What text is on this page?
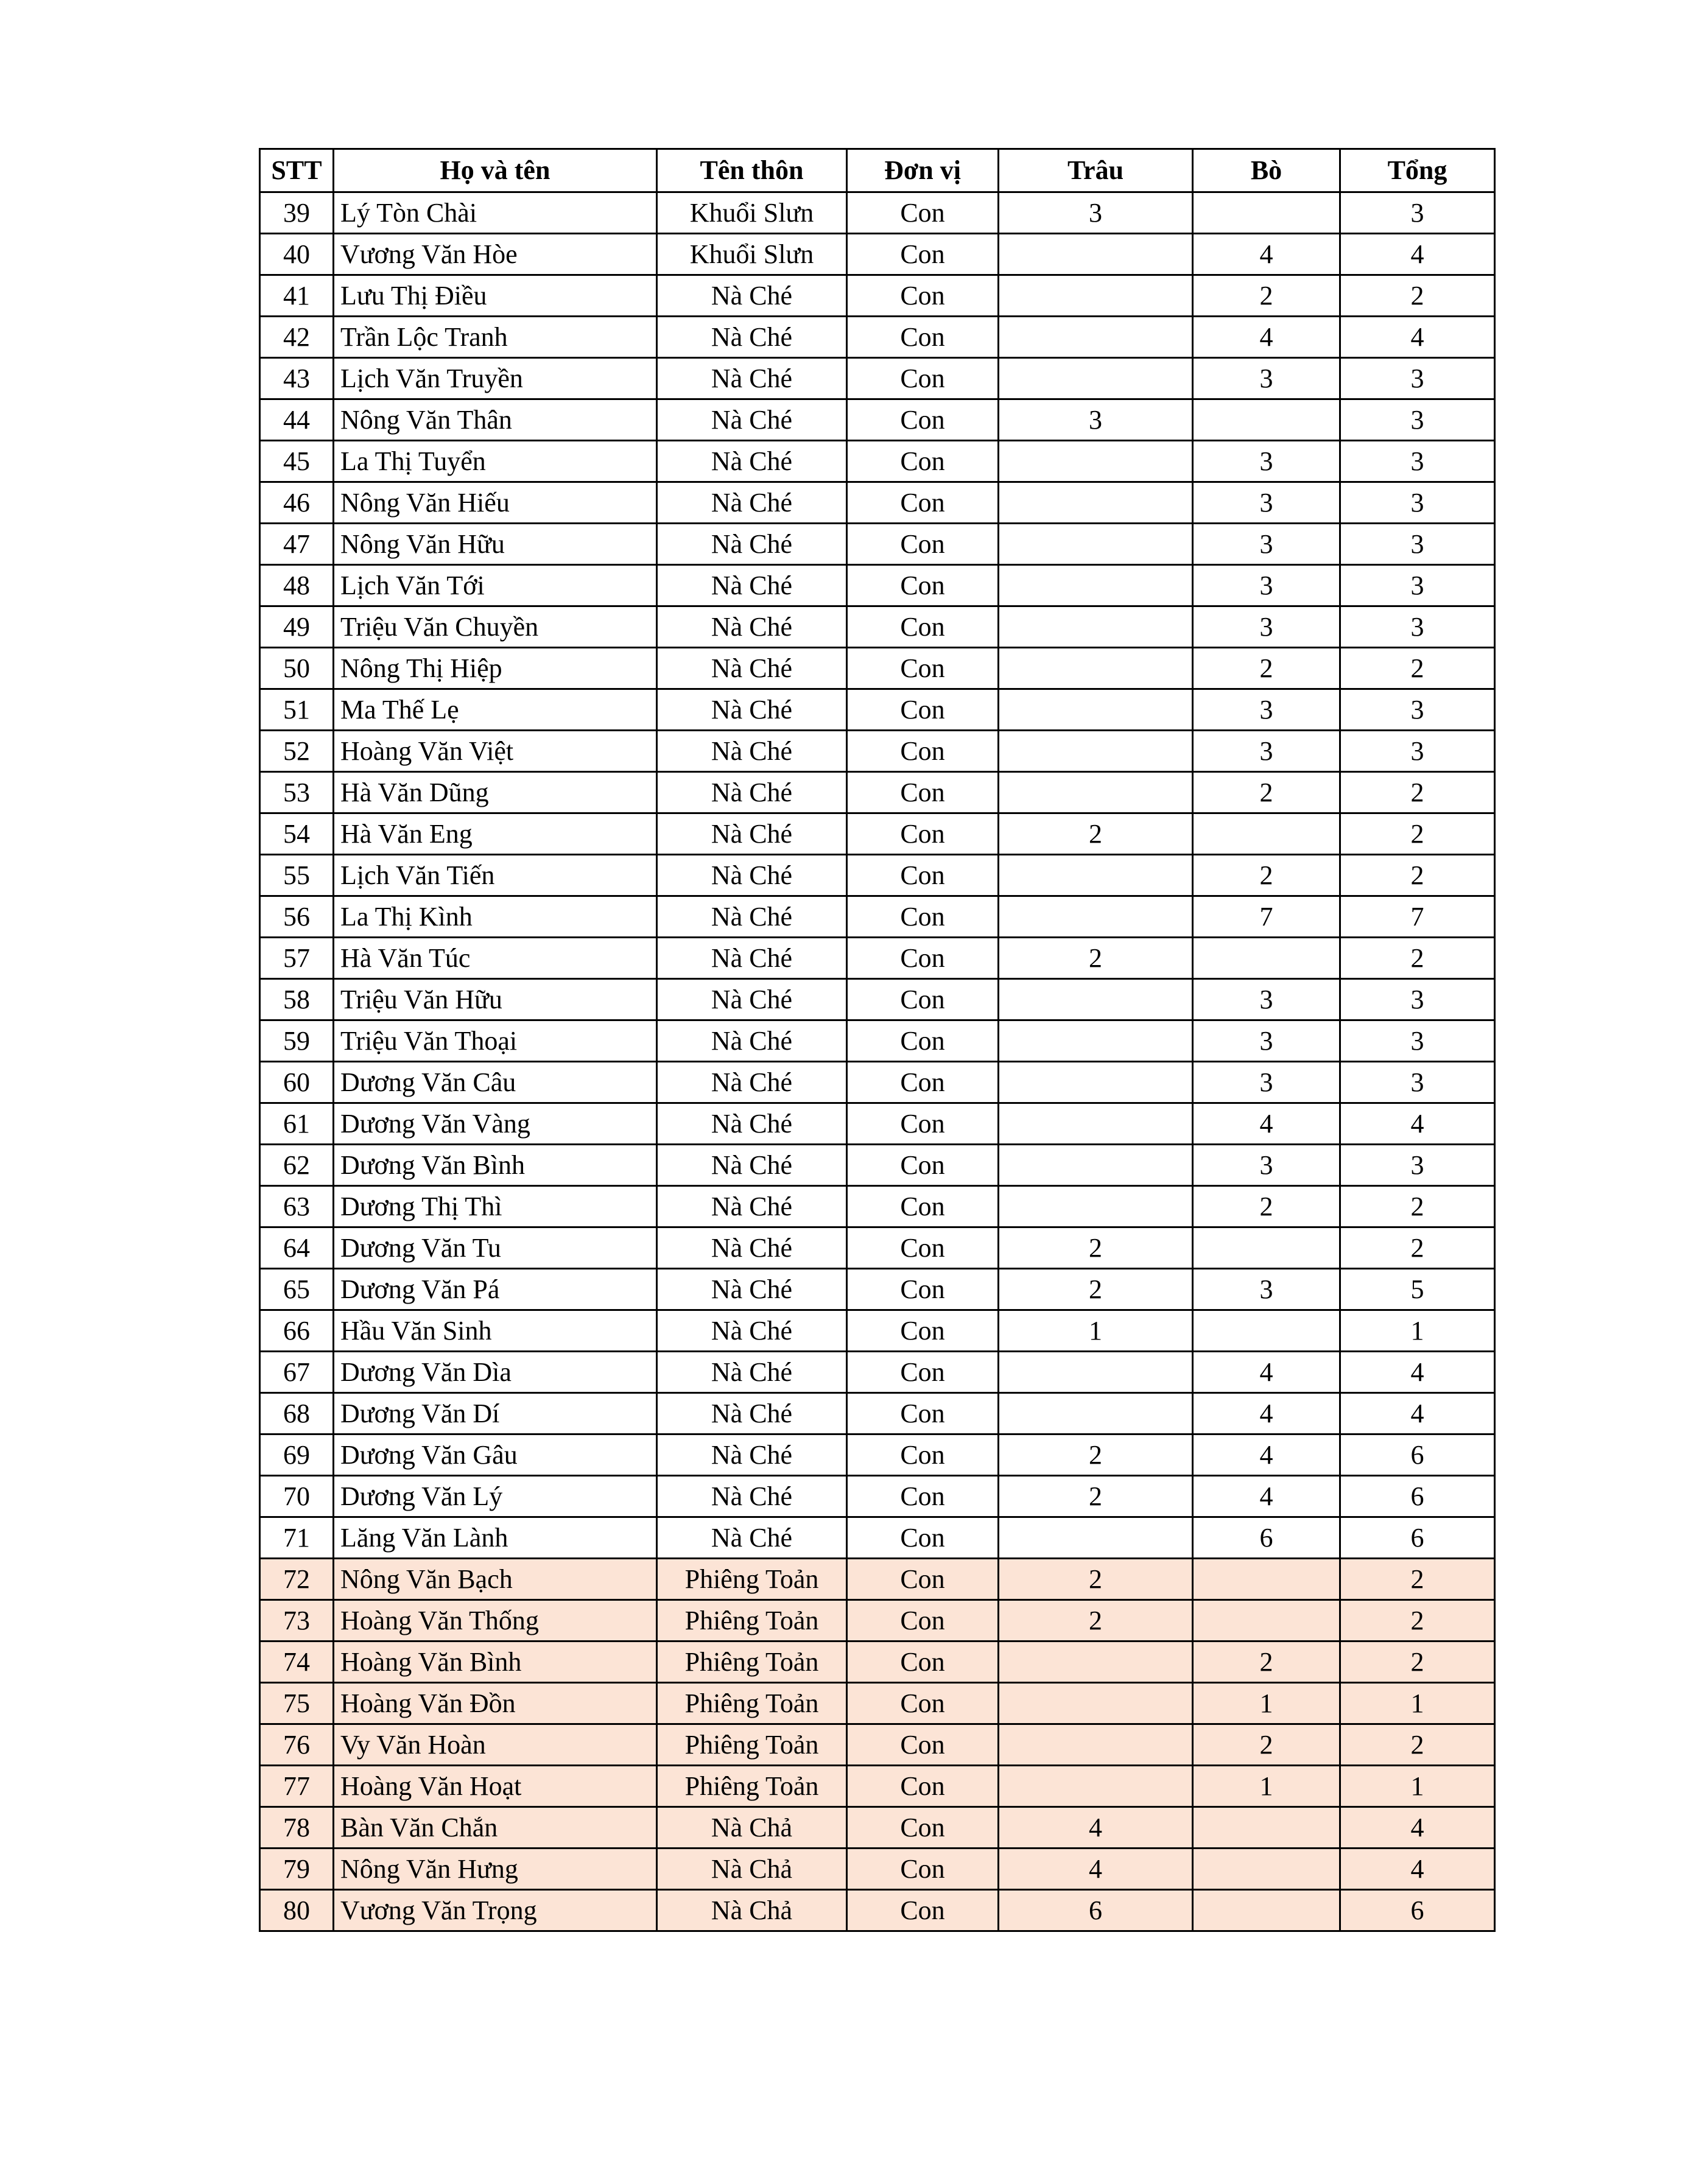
STT	Họ và tên	Tên thôn	Đơn vị	Trâu	Bò	Tổng
39	Lý Tòn Chài	Khuổi Slưn	Con	3		3
40	Vương Văn Hòe	Khuổi Slưn	Con		4	4
41	Lưu Thị Điều	Nà Ché	Con		2	2
42	Trần Lộc Tranh	Nà Ché	Con		4	4
43	Lịch Văn Truyền	Nà Ché	Con		3	3
44	Nông Văn Thân	Nà Ché	Con	3		3
45	La Thị Tuyển	Nà Ché	Con		3	3
46	Nông Văn Hiếu	Nà Ché	Con		3	3
47	Nông Văn Hữu	Nà Ché	Con		3	3
48	Lịch Văn Tới	Nà Ché	Con		3	3
49	Triệu Văn Chuyền	Nà Ché	Con		3	3
50	Nông Thị Hiệp	Nà Ché	Con		2	2
51	Ma Thế Lẹ	Nà Ché	Con		3	3
52	Hoàng Văn Việt	Nà Ché	Con		3	3
53	Hà Văn Dũng	Nà Ché	Con		2	2
54	Hà Văn Eng	Nà Ché	Con	2		2
55	Lịch Văn Tiến	Nà Ché	Con		2	2
56	La Thị Kình	Nà Ché	Con		7	7
57	Hà Văn Túc	Nà Ché	Con	2		2
58	Triệu Văn Hữu	Nà Ché	Con		3	3
59	Triệu Văn Thoại	Nà Ché	Con		3	3
60	Dương Văn Câu	Nà Ché	Con		3	3
61	Dương Văn Vàng	Nà Ché	Con		4	4
62	Dương Văn Bình	Nà Ché	Con		3	3
63	Dương Thị Thì	Nà Ché	Con		2	2
64	Dương Văn Tu	Nà Ché	Con	2		2
65	Dương Văn Pá	Nà Ché	Con	2	3	5
66	Hầu Văn Sinh	Nà Ché	Con	1		1
67	Dương Văn Dìa	Nà Ché	Con		4	4
68	Dương Văn Dí	Nà Ché	Con		4	4
69	Dương Văn Gâu	Nà Ché	Con	2	4	6
70	Dương Văn Lý	Nà Ché	Con	2	4	6
71	Lăng Văn Lành	Nà Ché	Con		6	6
72	Nông Văn Bạch	Phiêng Toản	Con	2		2
73	Hoàng Văn Thống	Phiêng Toản	Con	2		2
74	Hoàng Văn Bình	Phiêng Toản	Con		2	2
75	Hoàng Văn Đồn	Phiêng Toản	Con		1	1
76	Vy Văn Hoàn	Phiêng Toản	Con		2	2
77	Hoàng Văn Hoạt	Phiêng Toản	Con		1	1
78	Bàn Văn Chắn	Nà Chả	Con	4		4
79	Nông Văn Hưng	Nà Chả	Con	4		4
80	Vương Văn Trọng	Nà Chả	Con	6		6
